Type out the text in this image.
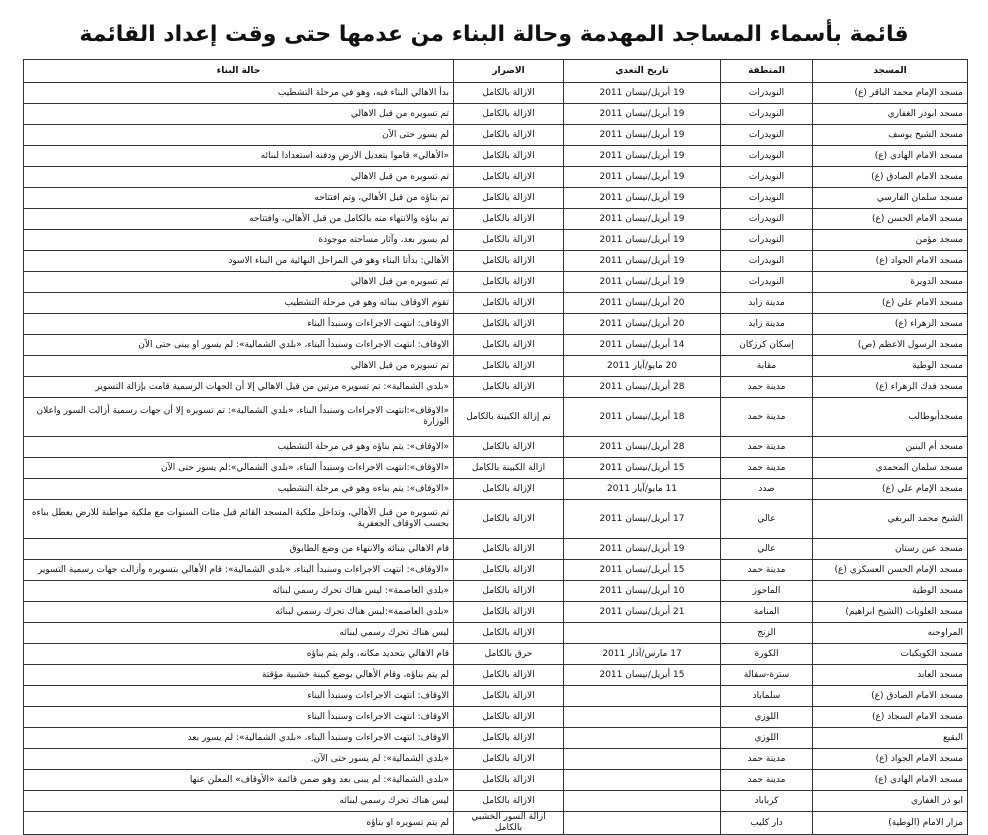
قائمة بأسماء المساجد المهدمة وحالة البناء من عدمها حتى وقت إعداد القائمة
المسجد	المنطقة	تاريخ التعدي	الاضرار	حالة البناء
مسجد الإمام محمد الباقر (ع)	النويدرات	19 أبريل/نيسان 2011	الازالة بالكامل	بدأ الاهالي البناء فيه، وهو في مرحلة التشطيب
مسجد ابوذر الغفاري	النويدرات	19 أبريل/نيسان 2011	الازالة بالكامل	تم تسويره من قبل الاهالي
مسجد الشيخ يوسف	النويدرات	19 أبريل/نيسان 2011	الازالة بالكامل	لم يسور حتى الآن
مسجد الامام الهادي (ع)	النويدرات	19 أبريل/نيسان 2011	الازالة بالكامل	«الأهالي» قاموا بتعديل الارض ودفنه استعدادا لبنائه
مسجد الامام الصادق (ع)	النويدرات	19 أبريل/نيسان 2011	الازالة بالكامل	تم تسويره من قبل الاهالي
مسجد سلمان الفارسي	النويدرات	19 أبريل/نيسان 2011	الازالة بالكامل	تم بناؤه من قبل الأهالي، وتم افتتاحه
مسجد الامام الحسن (ع)	النويدرات	19 أبريل/نيسان 2011	الازالة بالكامل	تم بناؤه والانتهاء منه بالكامل من قبل الأهالي، وافتتاحه
مسجد مؤمن	النويدرات	19 أبريل/نيسان 2011	الازالة بالكامل	لم يسور بعد، وآثار مساحته موجودة
مسجد الامام الجواد (ع)	النويدرات	19 أبريل/نيسان 2011	الازالة بالكامل	الأهالي: بدأنا البناء وهو في المراحل النهائية من البناء الاسود
مسجد الدويرة	النويدرات	19 أبريل/نيسان 2011	الازالة بالكامل	تم تسويره من قبل الاهالي
مسجد الامام علي (ع)	مدينة زايد	20 أبريل/نيسان 2011	الازالة بالكامل	تقوم الاوقاف ببنائه وهو في مرحلة التشطيب
مسجد الزهراء (ع)	مدينة زايد	20 أبريل/نيسان 2011	الازالة بالكامل	الاوقاف: انتهت الاجراءات وسنبدأ البناء
مسجد الرسول الاعظم (ص)	إسكان كرزكان	14 أبريل/نيسان 2011	الازالة بالكامل	الاوقاف: انتهت الاجراءات وسنبدأ البناء، «بلدي الشمالية»: لم يسور او يبنى حتى الآن
مسجد الوطية	مقابة	20 مايو/آيار 2011	الازالة بالكامل	تم تسويره من قبل الاهالي
مسجد فدك الزهراء (ع)	مدينة حمد	28 أبريل/نيسان 2011	الازالة بالكامل	«بلدي الشمالية»: تم تسويره مرتين من قبل الاهالي إلا أن الجهات الرسمية قامت بإزالة التسوير
مسجدأبوطالب	مدينة حمد	18 أبريل/نيسان 2011	تم إزالة الكبينة بالكامل	«الاوقاف»:انتهت الاجراءات وسنبدأ البناء، «بلدي الشمالية»: تم تسويره إلا أن جهات رسمية أزالت السور واعلان الوزارة
مسجد أم البنين	مدينة حمد	28 أبريل/نيسان 2011	الازالة بالكامل	«الاوقاف»: يتم بناؤه وهو في مرحلة التشطيب
مسجد سلمان المحمدي	مدينة حمد	15 أبريل/نيسان 2011	ازالة الكبينة بالكامل	«الاوقاف»:انتهت الاجراءات وسنبدأ البناء، «بلدي الشمالي»:لم يسور حتى الآن
مسجد الإمام علي (ع)	صدد	11 مايو/آيار 2011	الإزالة بالكامل	«الاوقاف»: يتم بناءه وهو في مرحلة التشطيب
الشيخ محمد البربغي	عالي	17 أبريل/نيسان 2011	الازالة بالكامل	تم تسويره من قبل الأهالي، وتداخل ملكية المسجد القائم قبل مئات السنوات مع ملكية مواطنة للارض يعطل بناءه بحسب الاوقاف الجعفرية
مسجد عين رستان	عالي	19 أبريل/نيسان 2011	الازالة بالكامل	قام الاهالي ببنائه والانتهاء من وضع الطابوق
مسجد الإمام الحسن العسكري (ع)	مدينة حمد	15 أبريل/نيسان 2011	الازالة بالكامل	«الاوقاف»: انتهت الاجراءات وسنبدأ البناء، «بلدي الشمالية»: قام الأهالي بتسويره وأزالت جهات رسمية التسوير
مسجد الوطية	الماحوز	10 أبريل/نيسان 2011	الازالة بالكامل	«بلدي العاصمة»: ليس هناك تحرك رسمي لبنائه
مسجد العلويات (الشيخ ابراهيم)	المنامة	21 أبريل/نيسان 2011	الازالة بالكامل	«بلدي العاصمة»:ليس هناك تحرك رسمي لبنائه
المراوحنه	الزنج		الازالة بالكامل	ليس هناك تحرك رسمي لبنائه
مسجد الكويكبات	الكورة	17 مارس/آذار 2011	حرق بالكامل	قام الاهالي بتحديد مكانه، ولم يتم بناؤه
مسجد العابد	سترة-سفالة	15 أبريل/نيسان 2011	الازالة بالكامل	لم يتم بناؤه، وقام الأهالي بوضع كبينة خشبية مؤقتة
مسجد الامام الصادق (ع)	سلماباد		الازالة بالكامل	الاوقاف: انتهت الاجراءات وسنبدأ البناء
مسجد الامام السجاد (ع)	اللوزي		الازالة بالكامل	الاوقاف: انتهت الاجراءات وسنبدأ البناء
البقيع	اللوزي		الازالة بالكامل	الاوقاف: انتهت الاجراءات وسنبدأ البناء، «بلدي الشمالية»: لم يسور بعد
مسجد الامام الجواد (ع)	مدينة حمد		الازالة بالكامل	«بلدي الشمالية»: لم يسور حتى الآن.
مسجد الامام الهادي (ع)	مدينة حمد		الازالة بالكامل	«بلدي الشمالية»: لم يبنى بعد وهو ضمن قائمة «الأوقاف» المعلن عنها
ابو ذر الغفاري	كرباباد		الازالة بالكامل	ليس هناك تحرك رسمي لبنائه
مزار الامام (الوطية)	دار كليب		ازالة السور الخشبي بالكامل	لم يتم تسويره او بناؤه
